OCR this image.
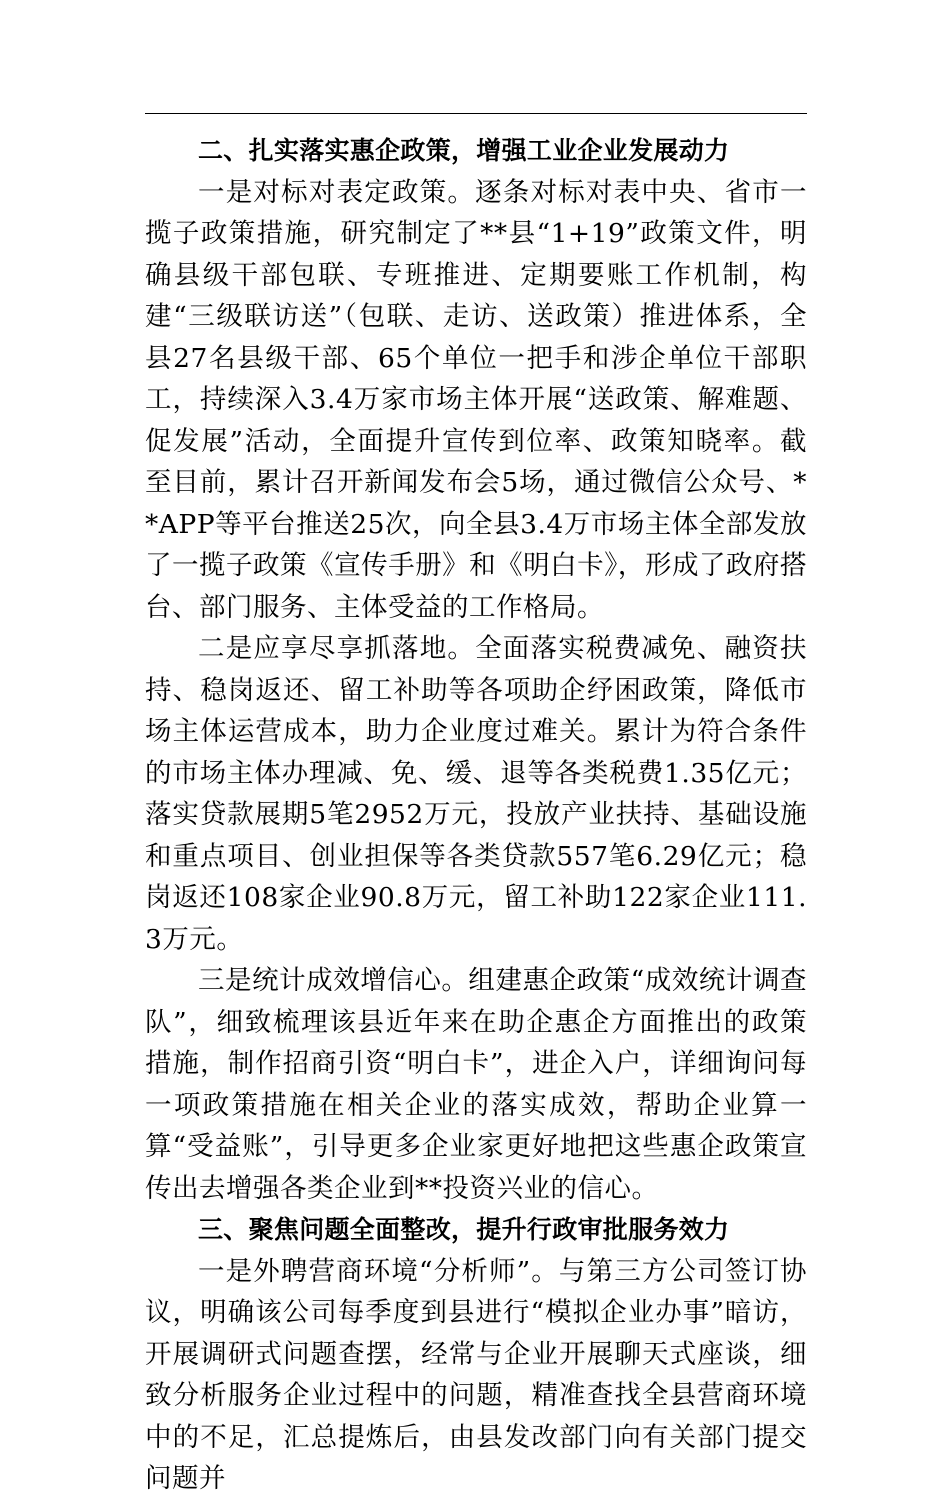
二、扎实落实惠企政策，增强工业企业发展动力

一是对标对表定政策。逐条对标对表中央、省市一揽子政策措施，研究制定了**县“1+19”政策文件，明确县级干部包联、专班推进、定期要账工作机制，构建“三级联访送”（包联、走访、送政策）推进体系，全县27名县级干部、65个单位一把手和涉企单位干部职工，持续深入3.4万家市场主体开展“送政策、解难题、促发展”活动，全面提升宣传到位率、政策知晓率。截至目前，累计召开新闻发布会5场，通过微信公众号、**APP等平台推送25次，向全县3.4万市场主体全部发放了一揽子政策《宣传手册》和《明白卡》，形成了政府搭台、部门服务、主体受益的工作格局。

二是应享尽享抓落地。全面落实税费减免、融资扶持、稳岗返还、留工补助等各项助企纾困政策，降低市场主体运营成本，助力企业度过难关。累计为符合条件的市场主体办理减、免、缓、退等各类税费1.35亿元；落实贷款展期5笔2952万元，投放产业扶持、基础设施和重点项目、创业担保等各类贷款557笔6.29亿元；稳岗返还108家企业90.8万元，留工补助122家企业111.3万元。

三是统计成效增信心。组建惠企政策“成效统计调查队”，细致梳理该县近年来在助企惠企方面推出的政策措施，制作招商引资“明白卡”，进企入户，详细询问每一项政策措施在相关企业的落实成效，帮助企业算一算“受益账”，引导更多企业家更好地把这些惠企政策宣传出去增强各类企业到**投资兴业的信心。

三、聚焦问题全面整改，提升行政审批服务效力

一是外聘营商环境“分析师”。与第三方公司签订协议，明确该公司每季度到县进行“模拟企业办事”暗访，开展调研式问题查摆，经常与企业开展聊天式座谈，细致分析服务企业过程中的问题，精准查找全县营商环境中的不足，汇总提炼后，由县发改部门向有关部门提交问题并
